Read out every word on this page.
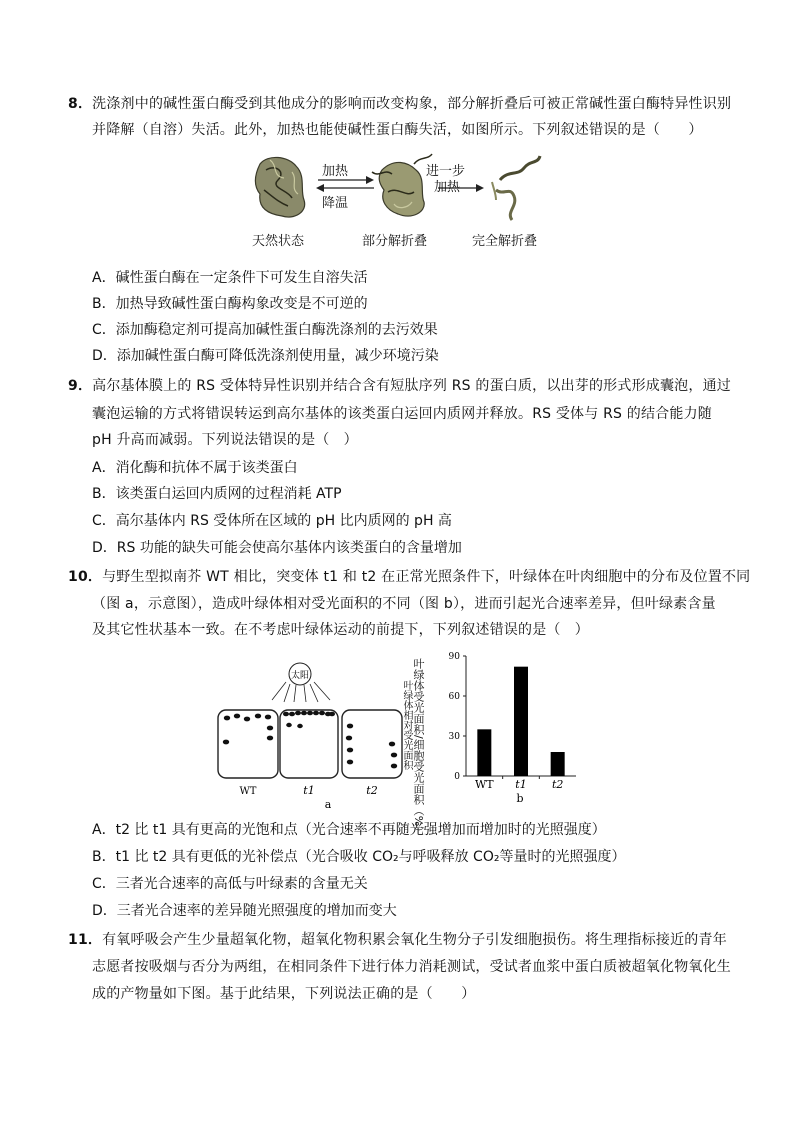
8．洗涤剂中的碱性蛋白酶受到其他成分的影响而改变构象，部分解折叠后可被正常碱性蛋白酶特异性识别
并降解（自溶）失活。此外，加热也能使碱性蛋白酶失活，如图所示。下列叙述错误的是（　　）
加热
降温
进一步
加热
天然状态	部分解折叠	完全解折叠
A．碱性蛋白酶在一定条件下可发生自溶失活
B．加热导致碱性蛋白酶构象改变是不可逆的
C．添加酶稳定剂可提高加碱性蛋白酶洗涤剂的去污效果
D．添加碱性蛋白酶可降低洗涤剂使用量，减少环境污染
9．高尔基体膜上的 RS 受体特异性识别并结合含有短肽序列 RS 的蛋白质，以出芽的形式形成囊泡，通过
囊泡运输的方式将错误转运到高尔基体的该类蛋白运回内质网并释放。RS 受体与 RS 的结合能力随
pH 升高而减弱。下列说法错误的是（　）
A．消化酶和抗体不属于该类蛋白
B．该类蛋白运回内质网的过程消耗 ATP
C．高尔基体内 RS 受体所在区域的 pH 比内质网的 pH 高
D．RS 功能的缺失可能会使高尔基体内该类蛋白的含量增加
10．与野生型拟南芥 WT 相比，突变体 t1 和 t2 在正常光照条件下，叶绿体在叶肉细胞中的分布及位置不同
（图 a，示意图），造成叶绿体相对受光面积的不同（图 b），进而引起光合速率差异，但叶绿素含量
及其它性状基本一致。在不考虑叶绿体运动的前提下，下列叙述错误的是（　）
太阳
WT	t1	t2
a	叶绿体受光面积/细胞受光面积（%）
叶绿体相对受光面积
0
30
60
90
WT t1 t2
b
A．t2 比 t1 具有更高的光饱和点（光合速率不再随光强增加而增加时的光照强度）
B．t1 比 t2 具有更低的光补偿点（光合吸收 CO₂与呼吸释放 CO₂等量时的光照强度）
C．三者光合速率的高低与叶绿素的含量无关
D．三者光合速率的差异随光照强度的增加而变大
11．有氧呼吸会产生少量超氧化物，超氧化物积累会氧化生物分子引发细胞损伤。将生理指标接近的青年
志愿者按吸烟与否分为两组，在相同条件下进行体力消耗测试，受试者血浆中蛋白质被超氧化物氧化生
成的产物量如下图。基于此结果，下列说法正确的是（　　）
